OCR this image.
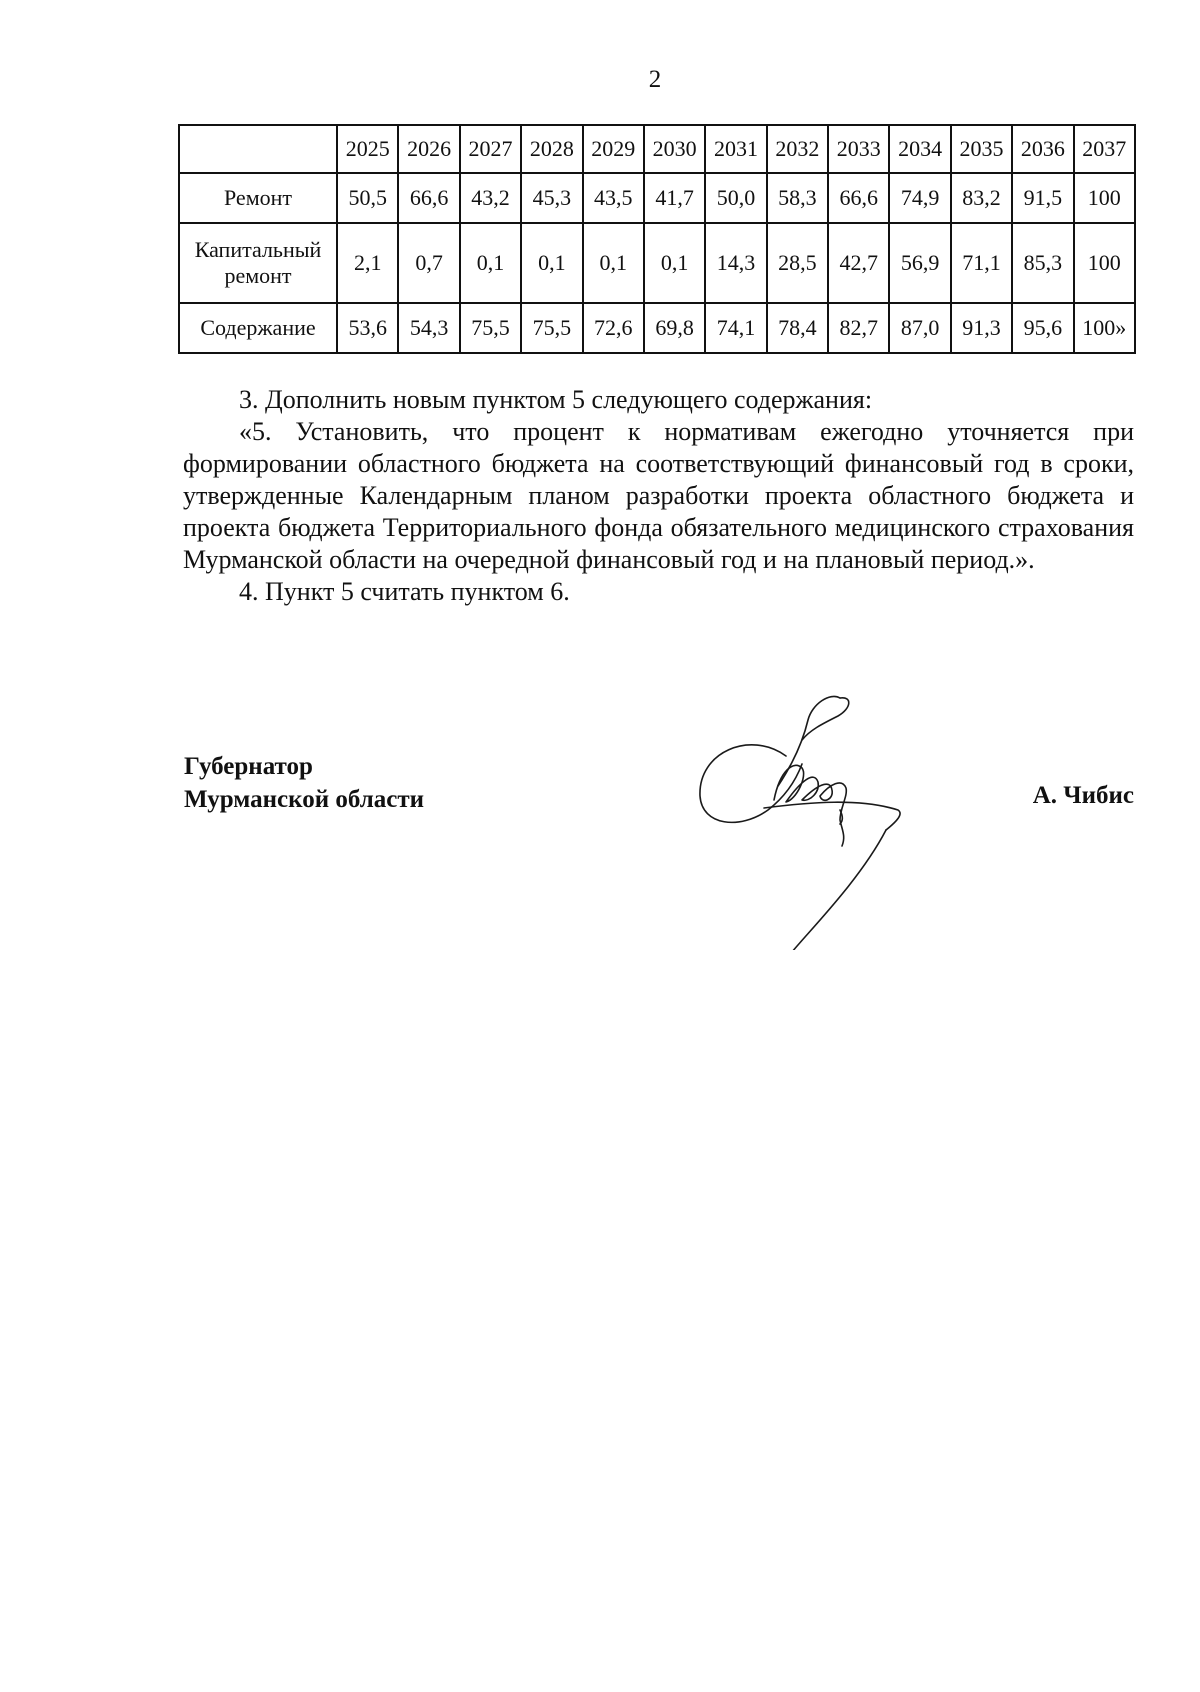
2
	2025	2026	2027	2028	2029	2030	2031	2032	2033	2034	2035	2036	2037
Ремонт	50,5	66,6	43,2	45,3	43,5	41,7	50,0	58,3	66,6	74,9	83,2	91,5	100

Капитальный
ремонт	2,1	0,7	0,1	0,1	0,1	0,1	14,3	28,5	42,7	56,9	71,1	85,3	100
Содержание	53,6	54,3	75,5	75,5	72,6	69,8	74,1	78,4	82,7	87,0	91,3	95,6	100»

3. Дополнить новым пунктом 5 следующего содержания:

«5. Установить, что процент к нормативам ежегодно уточняется при формировании областного бюджета на соответствующий финансовый год в сроки, утвержденные Календарным планом разработки проекта областного бюджета и проекта бюджета Территориального фонда обязательного медицинского страхования Мурманской области на очередной финансовый год и на плановый период.».

4. Пункт 5 считать пунктом 6.

Губернатор
Мурманской области	А. Чибис
